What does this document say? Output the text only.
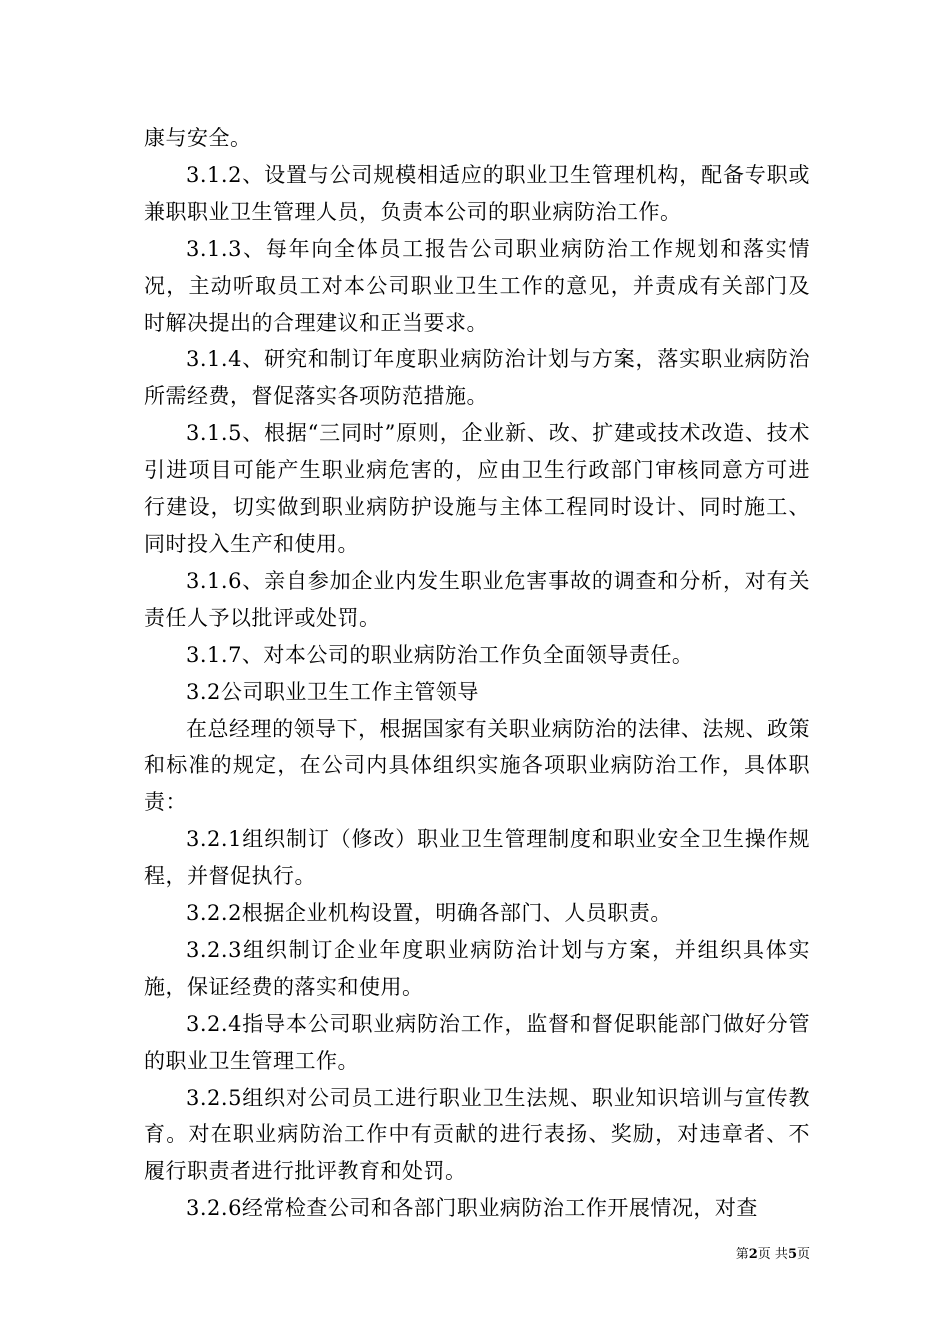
康与安全。

3.1.2、设置与公司规模相适应的职业卫生管理机构，配备专职或兼职职业卫生管理人员，负责本公司的职业病防治工作。

3.1.3、每年向全体员工报告公司职业病防治工作规划和落实情况，主动听取员工对本公司职业卫生工作的意见，并责成有关部门及时解决提出的合理建议和正当要求。

3.1.4、研究和制订年度职业病防治计划与方案，落实职业病防治所需经费，督促落实各项防范措施。

3.1.5、根据“三同时”原则，企业新、改、扩建或技术改造、技术引进项目可能产生职业病危害的，应由卫生行政部门审核同意方可进行建设，切实做到职业病防护设施与主体工程同时设计、同时施工、同时投入生产和使用。

3.1.6、亲自参加企业内发生职业危害事故的调查和分析，对有关责任人予以批评或处罚。

3.1.7、对本公司的职业病防治工作负全面领导责任。

3.2公司职业卫生工作主管领导

在总经理的领导下，根据国家有关职业病防治的法律、法规、政策和标准的规定，在公司内具体组织实施各项职业病防治工作，具体职责：

3.2.1组织制订（修改）职业卫生管理制度和职业安全卫生操作规程，并督促执行。

3.2.2根据企业机构设置，明确各部门、人员职责。

3.2.3组织制订企业年度职业病防治计划与方案，并组织具体实施，保证经费的落实和使用。

3.2.4指导本公司职业病防治工作，监督和督促职能部门做好分管的职业卫生管理工作。

3.2.5组织对公司员工进行职业卫生法规、职业知识培训与宣传教育。对在职业病防治工作中有贡献的进行表扬、奖励，对违章者、不履行职责者进行批评教育和处罚。

3.2.6经常检查公司和各部门职业病防治工作开展情况，对查

第2页 共5页
